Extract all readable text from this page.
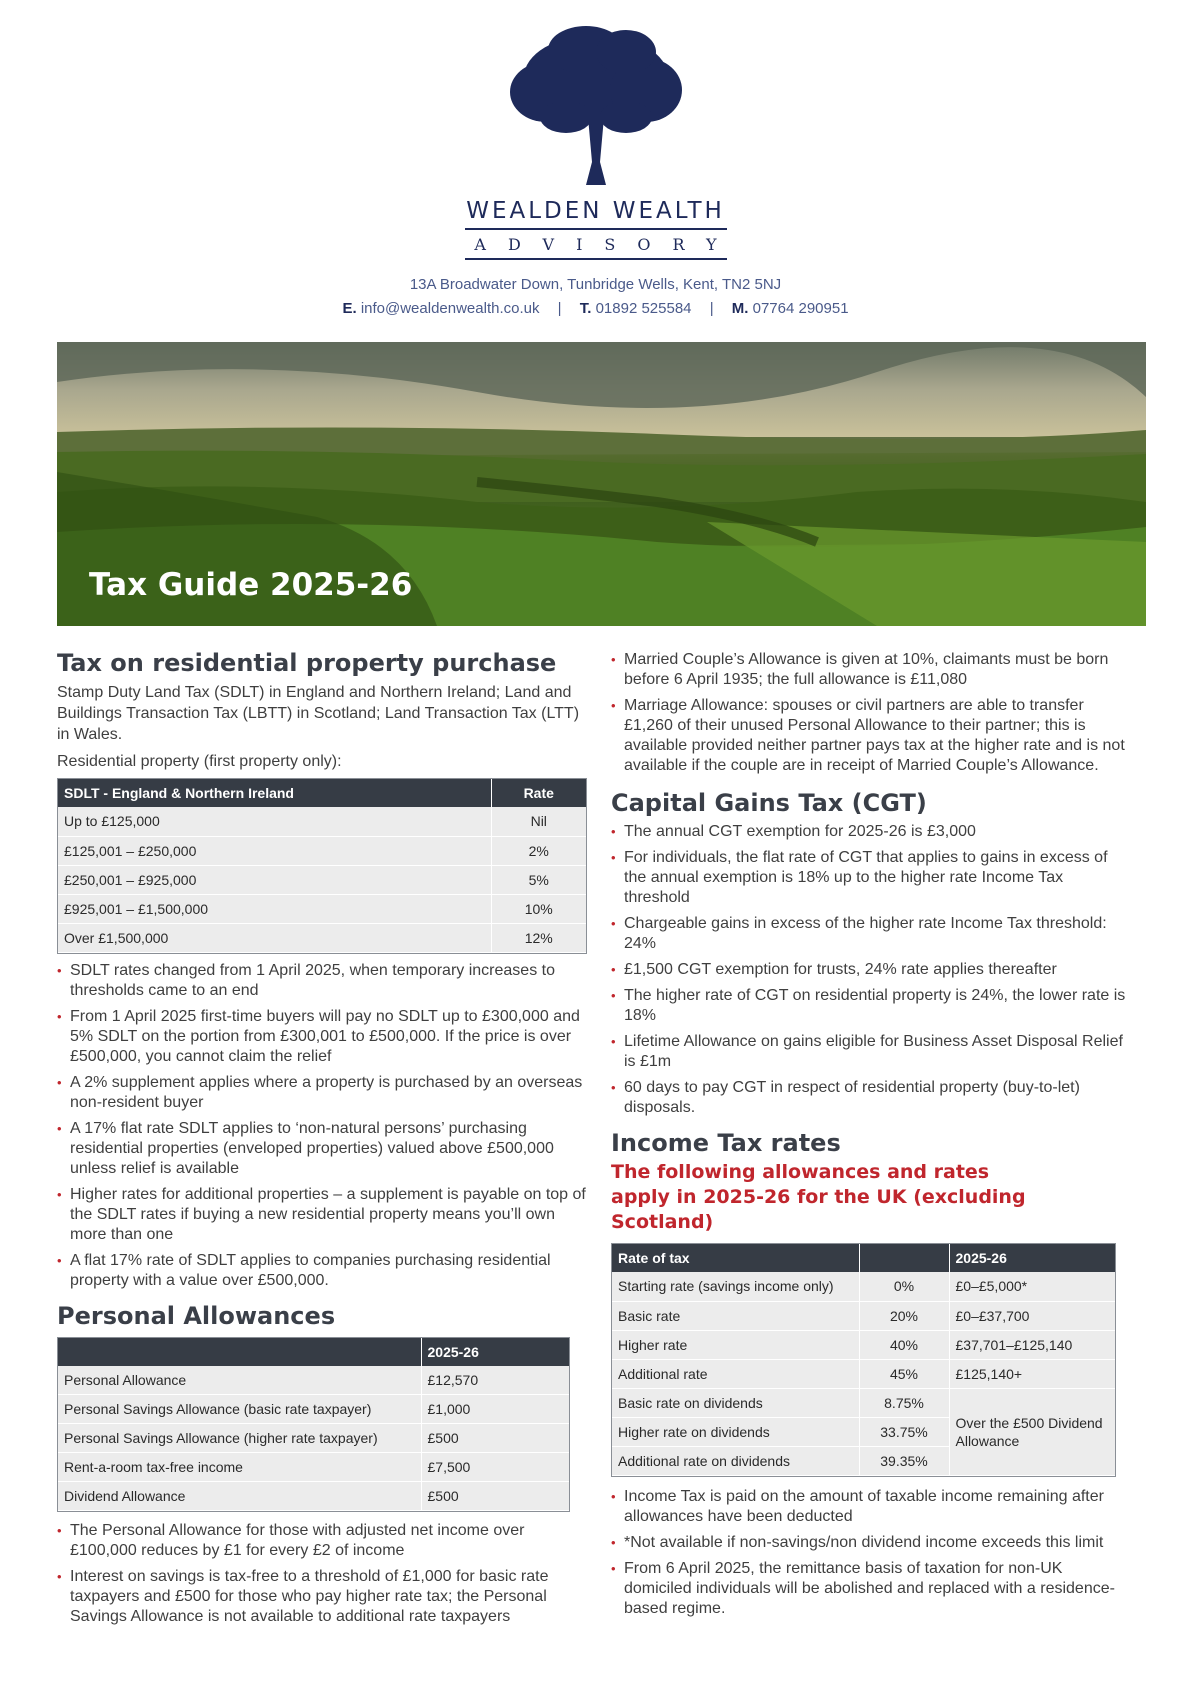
WEALDEN WEALTH
ADVISORY
13A Broadwater Down, Tunbridge Wells, Kent, TN2 5NJ
E. info@wealdenwealth.co.uk | T. 01892 525584 | M. 07764 290951
Tax Guide 2025-26
Tax on residential property purchase

Stamp Duty Land Tax (SDLT) in England and Northern Ireland; Land and Buildings Transaction Tax (LBTT) in Scotland; Land Transaction Tax (LTT) in Wales.

Residential property (first property only):

SDLT - England & Northern Ireland	Rate
Up to £125,000	Nil
£125,001 – £250,000	2%
£250,001 – £925,000	5%
£925,001 – £1,500,000	10%
Over £1,500,000	12%
• SDLT rates changed from 1 April 2025, when temporary increases to thresholds came to an end
• From 1 April 2025 first-time buyers will pay no SDLT up to £300,000 and 5% SDLT on the portion from £300,001 to £500,000. If the price is over £500,000, you cannot claim the relief
• A 2% supplement applies where a property is purchased by an overseas non-resident buyer
• A 17% flat rate SDLT applies to ‘non-natural persons’ purchasing residential properties (enveloped properties) valued above £500,000 unless relief is available
• Higher rates for additional properties – a supplement is payable on top of the SDLT rates if buying a new residential property means you’ll own more than one
• A flat 17% rate of SDLT applies to companies purchasing residential property with a value over £500,000.
Personal Allowances
	2025-26
Personal Allowance	£12,570
Personal Savings Allowance (basic rate taxpayer)	£1,000
Personal Savings Allowance (higher rate taxpayer)	£500
Rent-a-room tax-free income	£7,500
Dividend Allowance	£500
• The Personal Allowance for those with adjusted net income over £100,000 reduces by £1 for every £2 of income
• Interest on savings is tax-free to a threshold of £1,000 for basic rate taxpayers and £500 for those who pay higher rate tax; the Personal Savings Allowance is not available to additional rate taxpayers
• Married Couple’s Allowance is given at 10%, claimants must be born before 6 April 1935; the full allowance is £11,080
• Marriage Allowance: spouses or civil partners are able to transfer £1,260 of their unused Personal Allowance to their partner; this is available provided neither partner pays tax at the higher rate and is not available if the couple are in receipt of Married Couple’s Allowance.
Capital Gains Tax (CGT)
• The annual CGT exemption for 2025-26 is £3,000
• For individuals, the flat rate of CGT that applies to gains in excess of the annual exemption is 18% up to the higher rate Income Tax threshold
• Chargeable gains in excess of the higher rate Income Tax threshold: 24%
• £1,500 CGT exemption for trusts, 24% rate applies thereafter
• The higher rate of CGT on residential property is 24%, the lower rate is 18%
• Lifetime Allowance on gains eligible for Business Asset Disposal Relief is £1m
• 60 days to pay CGT in respect of residential property (buy-to-let) disposals.
Income Tax rates
The following allowances and rates apply in 2025-26 for the UK (excluding Scotland)
Rate of tax		2025-26
Starting rate (savings income only)	0%	£0–£5,000*
Basic rate	20%	£0–£37,700
Higher rate	40%	£37,701–£125,140
Additional rate	45%	£125,140+
Basic rate on dividends	8.75%	Over the £500 Dividend Allowance
Higher rate on dividends	33.75%	
Additional rate on dividends	39.35%	
• Income Tax is paid on the amount of taxable income remaining after allowances have been deducted
• *Not available if non-savings/non dividend income exceeds this limit
• From 6 April 2025, the remittance basis of taxation for non-UK domiciled individuals will be abolished and replaced with a residence-based regime.
